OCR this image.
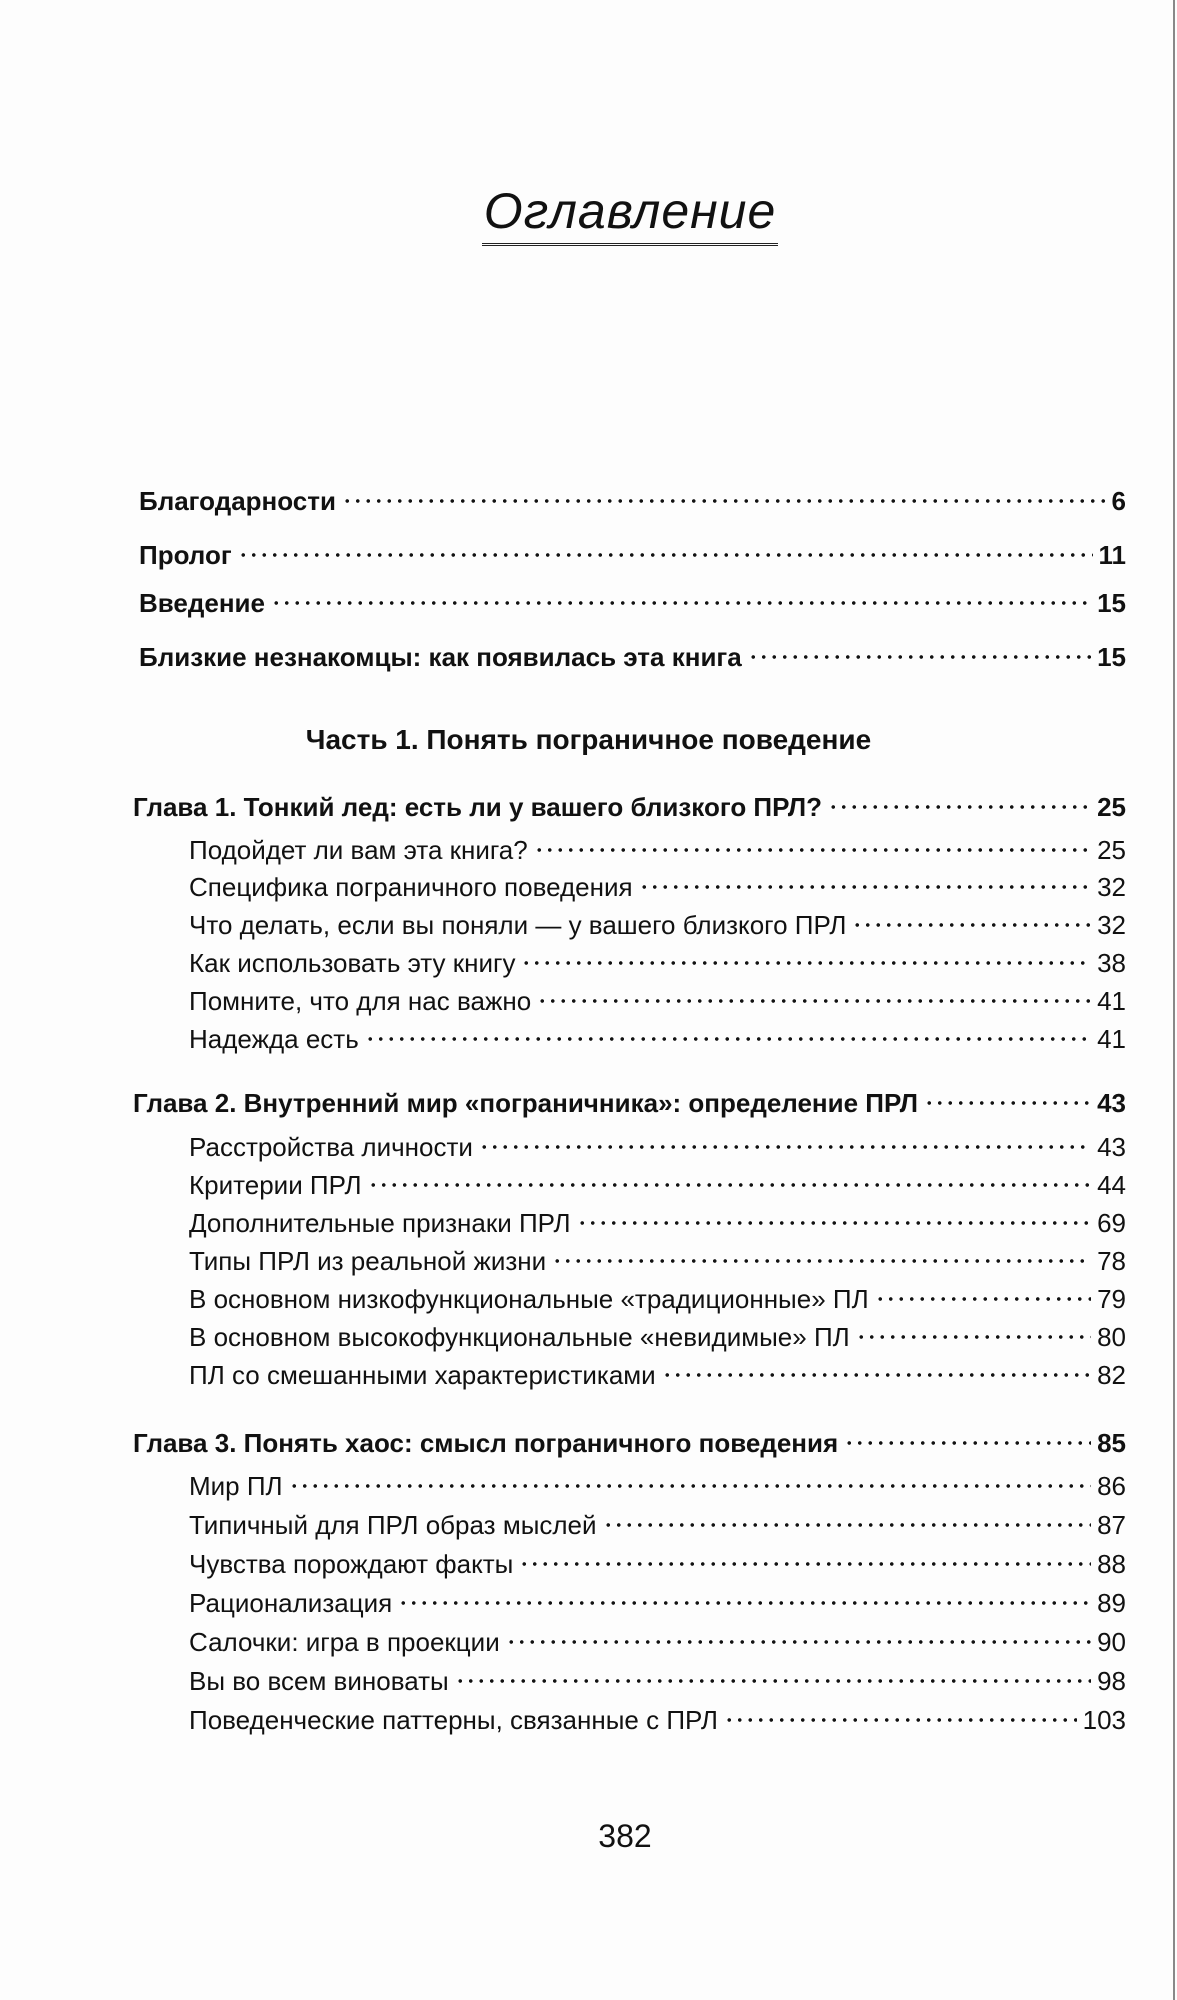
Оглавление
Благодарности	6
Пролог	11
Введение	15
Близкие незнакомцы: как появилась эта книга	15
Часть 1. Понять пограничное поведение
Глава 1. Тонкий лед: есть ли у вашего близкого ПРЛ?	25
Подойдет ли вам эта книга?	25
Специфика пограничного поведения	32
Что делать, если вы поняли — у вашего близкого ПРЛ	32
Как использовать эту книгу	38
Помните, что для нас важно	41
Надежда есть	41
Глава 2. Внутренний мир «пограничника»: определение ПРЛ	43
Расстройства личности	43
Критерии ПРЛ	44
Дополнительные признаки ПРЛ	69
Типы ПРЛ из реальной жизни	78
В основном низкофункциональные «традиционные» ПЛ	79
В основном высокофункциональные «невидимые» ПЛ	80
ПЛ со смешанными характеристиками	82
Глава 3. Понять хаос: смысл пограничного поведения	85
Мир ПЛ	86
Типичный для ПРЛ образ мыслей	87
Чувства порождают факты	88
Рационализация	89
Салочки: игра в проекции	90
Вы во всем виноваты	98
Поведенческие паттерны, связанные с ПРЛ	103
382
